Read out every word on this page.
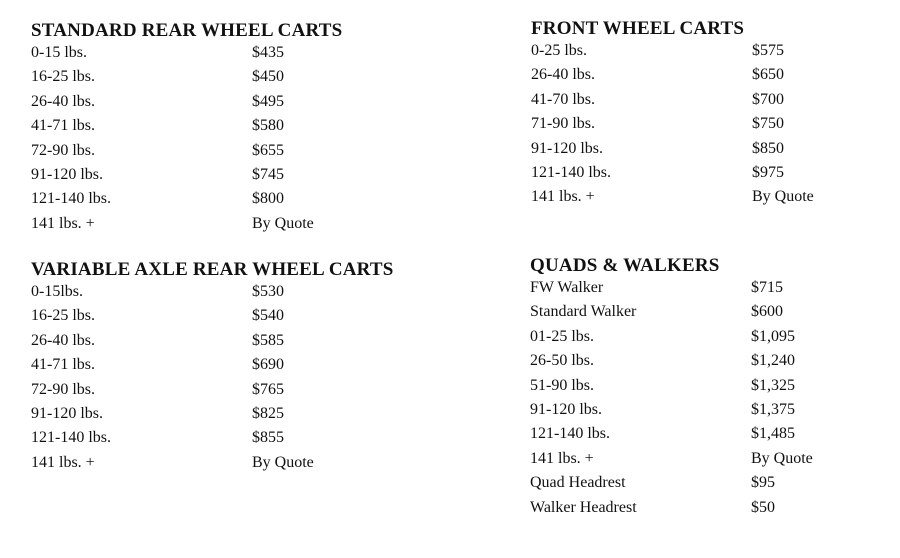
STANDARD REAR WHEEL CARTS
0-15 lbs.	$435
16-25 lbs.	$450
26-40 lbs.	$495
41-71 lbs.	$580
72-90 lbs.	$655
91-120 lbs.	$745
121-140 lbs.	$800
141 lbs. +	By Quote
VARIABLE AXLE REAR WHEEL CARTS
0-15lbs.	$530
16-25 lbs.	$540
26-40 lbs.	$585
41-71 lbs.	$690
72-90 lbs.	$765
91-120 lbs.	$825
121-140 lbs.	$855
141 lbs. +	By Quote
FRONT WHEEL CARTS
0-25 lbs.	$575
26-40 lbs.	$650
41-70 lbs.	$700
71-90 lbs.	$750
91-120 lbs.	$850
121-140 lbs.	$975
141 lbs. +	By Quote
QUADS & WALKERS
FW Walker	$715
Standard Walker	$600
01-25 lbs.	$1,095
26-50 lbs.	$1,240
51-90 lbs.	$1,325
91-120 lbs.	$1,375
121-140 lbs.	$1,485
141 lbs. +	By Quote
Quad Headrest	$95
Walker Headrest	$50
